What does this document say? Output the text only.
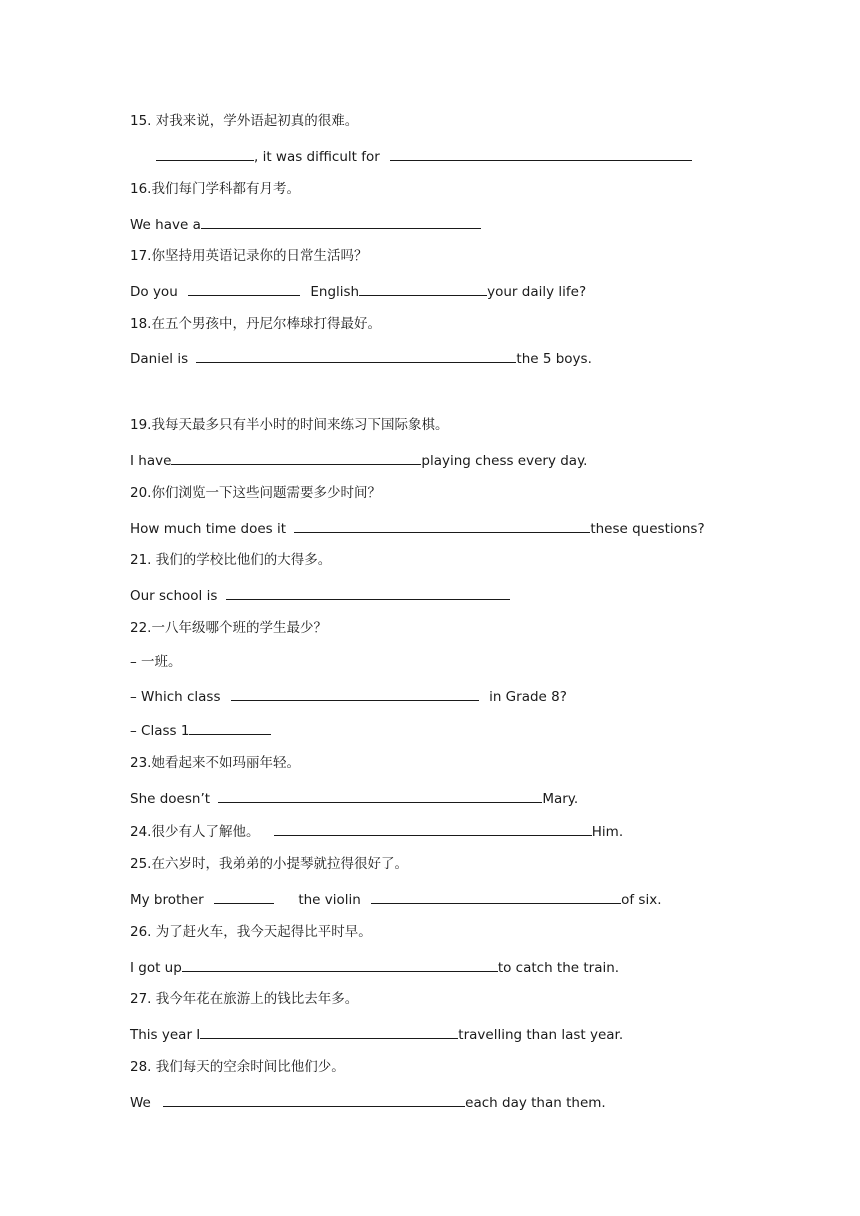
15. 对我来说，学外语起初真的很难。
, it was difficult for
16.我们每门学科都有月考。
We have a
17.你坚持用英语记录你的日常生活吗？
Do you	English	your daily life?
18.在五个男孩中，丹尼尔棒球打得最好。
Daniel is	the 5 boys.
19.我每天最多只有半小时的时间来练习下国际象棋。
I have	playing chess every day.
20.你们浏览一下这些问题需要多少时间？
How much time does it	these questions?
21. 我们的学校比他们的大得多。
Our school is
22.一八年级哪个班的学生最少？
– 一班。
– Which class	in Grade 8?
– Class 1
23.她看起来不如玛丽年轻。
She doesn’t	Mary.
24.很少有人了解他。	Him.
25.在六岁时，我弟弟的小提琴就拉得很好了。
My brother	the violin	of six.
26. 为了赶火车，我今天起得比平时早。
I got up	to catch the train.
27. 我今年花在旅游上的钱比去年多。
This year I	travelling than last year.
28. 我们每天的空余时间比他们少。
We	each day than them.
